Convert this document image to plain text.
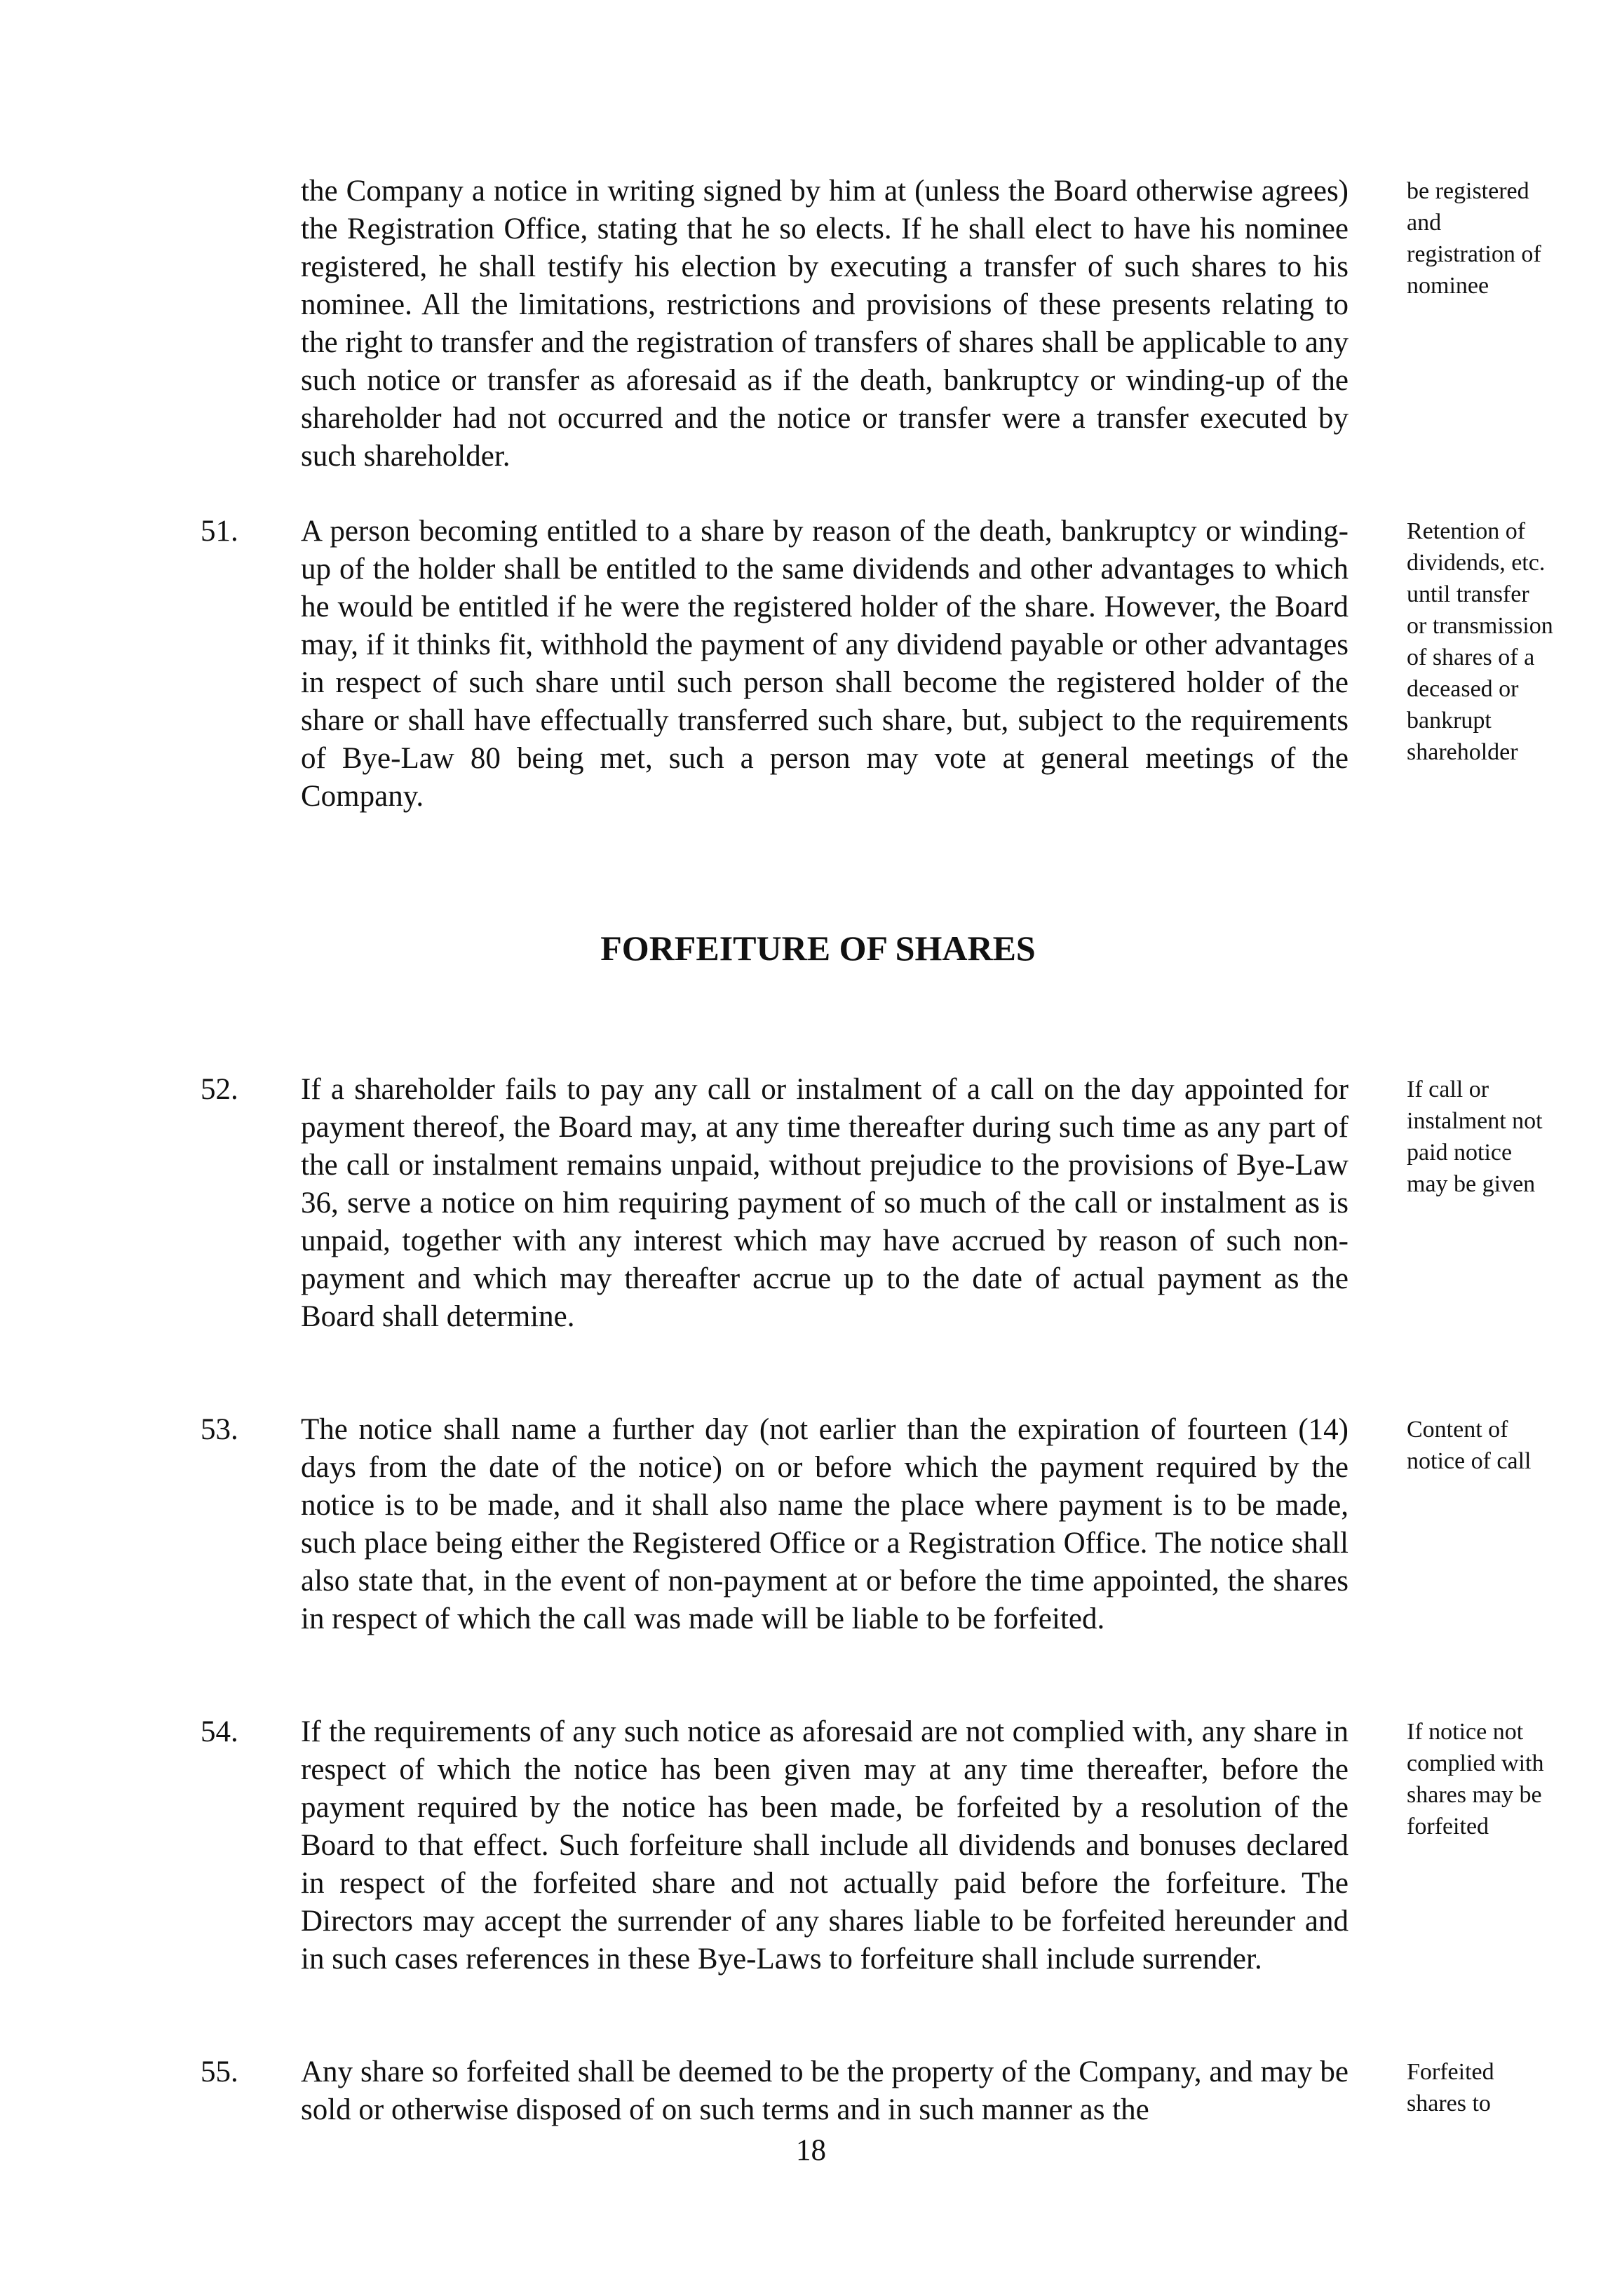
the Company a notice in writing signed by him at (unless the Board otherwise agrees) the Registration Office, stating that he so elects. If he shall elect to have his nominee registered, he shall testify his election by executing a transfer of such shares to his nominee. All the limitations, restrictions and provisions of these presents relating to the right to transfer and the registration of transfers of shares shall be applicable to any such notice or transfer as aforesaid as if the death, bankruptcy or winding-up of the shareholder had not occurred and the notice or transfer were a transfer executed by such shareholder.

be registered and registration of nominee

51. A person becoming entitled to a share by reason of the death, bankruptcy or winding-up of the holder shall be entitled to the same dividends and other advantages to which he would be entitled if he were the registered holder of the share. However, the Board may, if it thinks fit, withhold the payment of any dividend payable or other advantages in respect of such share until such person shall become the registered holder of the share or shall have effectually transferred such share, but, subject to the requirements of Bye-Law 80 being met, such a person may vote at general meetings of the Company.

Retention of dividends, etc. until transfer or transmission of shares of a deceased or bankrupt shareholder

FORFEITURE OF SHARES

52. If a shareholder fails to pay any call or instalment of a call on the day appointed for payment thereof, the Board may, at any time thereafter during such time as any part of the call or instalment remains unpaid, without prejudice to the provisions of Bye-Law 36, serve a notice on him requiring payment of so much of the call or instalment as is unpaid, together with any interest which may have accrued by reason of such non-payment and which may thereafter accrue up to the date of actual payment as the Board shall determine.

If call or instalment not paid notice may be given

53. The notice shall name a further day (not earlier than the expiration of fourteen (14) days from the date of the notice) on or before which the payment required by the notice is to be made, and it shall also name the place where payment is to be made, such place being either the Registered Office or a Registration Office. The notice shall also state that, in the event of non-payment at or before the time appointed, the shares in respect of which the call was made will be liable to be forfeited.

Content of notice of call

54. If the requirements of any such notice as aforesaid are not complied with, any share in respect of which the notice has been given may at any time thereafter, before the payment required by the notice has been made, be forfeited by a resolution of the Board to that effect. Such forfeiture shall include all dividends and bonuses declared in respect of the forfeited share and not actually paid before the forfeiture. The Directors may accept the surrender of any shares liable to be forfeited hereunder and in such cases references in these Bye-Laws to forfeiture shall include surrender.

If notice not complied with shares may be forfeited

55. Any share so forfeited shall be deemed to be the property of the Company, and may be sold or otherwise disposed of on such terms and in such manner as the

Forfeited shares to

18
